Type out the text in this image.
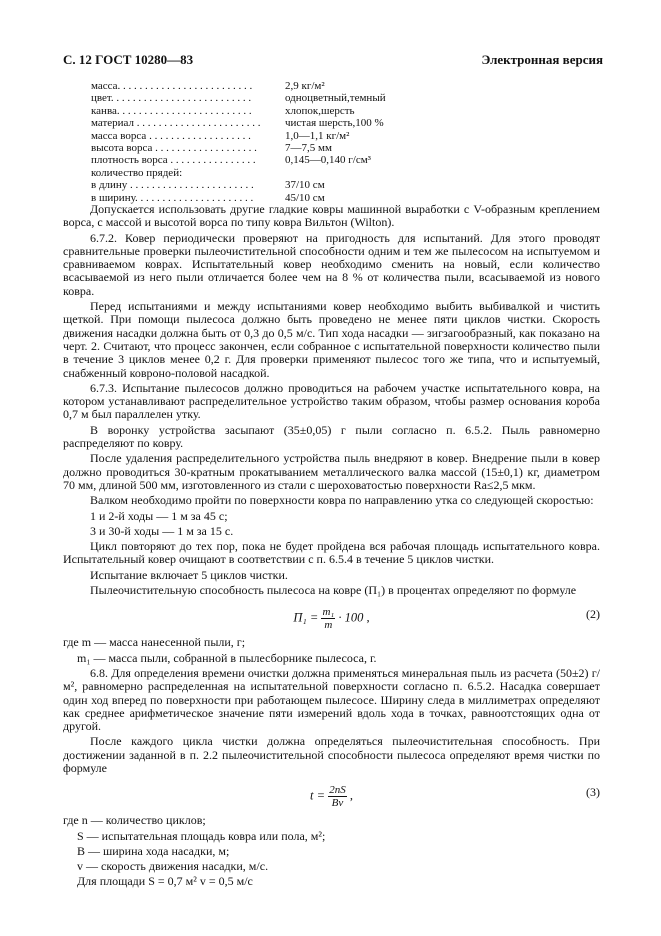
С. 12 ГОСТ 10280—83	Электронная версия
масса. . . . . . . . . . . . . . . . . . . . . . . . .	2,9 кг/м²
цвет. . . . . . . . . . . . . . . . . . . . . . . . . .	одноцветный,темный
канва. . . . . . . . . . . . . . . . . . . . . . . . .	хлопок,шерсть
материал . . . . . . . . . . . . . . . . . . . . . . . чистая шерсть,100 %
масса ворса . . . . . . . . . . . . . . . . . . .	1,0—1,1 кг/м²
высота ворса . . . . . . . . . . . . . . . . . . .	7—7,5 мм
плотность ворса . . . . . . . . . . . . . . . .	0,145—0,140 г/см³
количество прядей:
в длину . . . . . . . . . . . . . . . . . . . . . . .	37/10 см
в ширину. . . . . . . . . . . . . . . . . . . . . .	45/10 см

Допускается использовать другие гладкие ковры машинной выработки с V-образным креплением ворса, с массой и высотой ворса по типу ковра Вильтон (Wilton).

6.7.2. Ковер периодически проверяют на пригодность для испытаний. Для этого проводят сравнительные проверки пылеочистительной способности одним и тем же пылесосом на испытуемом и сравниваемом коврах. Испытательный ковер необходимо сменить на новый, если количество всасываемой из него пыли отличается более чем на 8 % от количества пыли, всасываемой из нового ковра.

Перед испытаниями и между испытаниями ковер необходимо выбить выбивалкой и чистить щеткой. При помощи пылесоса должно быть проведено не менее пяти циклов чистки. Скорость движения насадки должна быть от 0,3 до 0,5 м/с. Тип хода насадки — зигзагообразный, как показано на черт. 2. Считают, что процесс закончен, если собранное с испытательной поверхности количество пыли в течение 3 циклов менее 0,2 г. Для проверки применяют пылесос того же типа, что и испытуемый, снабженный ковроно-половой насадкой.

6.7.3. Испытание пылесосов должно проводиться на рабочем участке испытательного ковра, на котором устанавливают распределительное устройство таким образом, чтобы размер основания короба 0,7 м был параллелен утку.

В воронку устройства засыпают (35±0,05) г пыли согласно п. 6.5.2. Пыль равномерно распределяют по ковру.

После удаления распределительного устройства пыль внедряют в ковер. Внедрение пыли в ковер должно проводиться 30-кратным прокатыванием металлического валка массой (15±0,1) кг, диаметром 70 мм, длиной 500 мм, изготовленного из стали с шероховатостью поверхности Ra≤2,5 мкм.

Валком необходимо пройти по поверхности ковра по направлению утка со следующей скоростью:

1 и 2-й ходы — 1 м за 45 с;

3 и 30-й ходы — 1 м за 15 с.

Цикл повторяют до тех пор, пока не будет пройдена вся рабочая площадь испытательного ковра. Испытательный ковер очищают в соответствии с п. 6.5.4 в течение 5 циклов чистки.

Испытание включает 5 циклов чистки.

Пылеочистительную способность пылесоса на ковре (П₁) в процентах определяют по формуле

$П_1 = \frac{\text{m₁}}{m} \cdot 100$ ,	(2)

где m — масса нанесенной пыли, г;

m₁ — масса пыли, собранной в пылесборнике пылесоса, г.

6.8. Для определения времени очистки должна применяться минеральная пыль из расчета (50±2) г/м², равномерно распределенная на испытательной поверхности согласно п. 6.5.2. Насадка совершает один ход вперед по поверхности при работающем пылесосе. Ширину следа в миллиметрах определяют как среднее арифметическое значение пяти измерений вдоль хода в точках, равноотстоящих одна от другой.

После каждого цикла чистки должна определяться пылеочистительная способность. При достижении заданной в п. 2.2 пылеочистительной способности пылесоса определяют время чистки по формуле

$t = \frac{2nS}{Bv}$ ,	(3)

где n — количество циклов;

S — испытательная площадь ковра или пола, м²;

B — ширина хода насадки, м;

v — скорость движения насадки, м/с.

Для площади S = 0,7 м² v = 0,5 м/с
